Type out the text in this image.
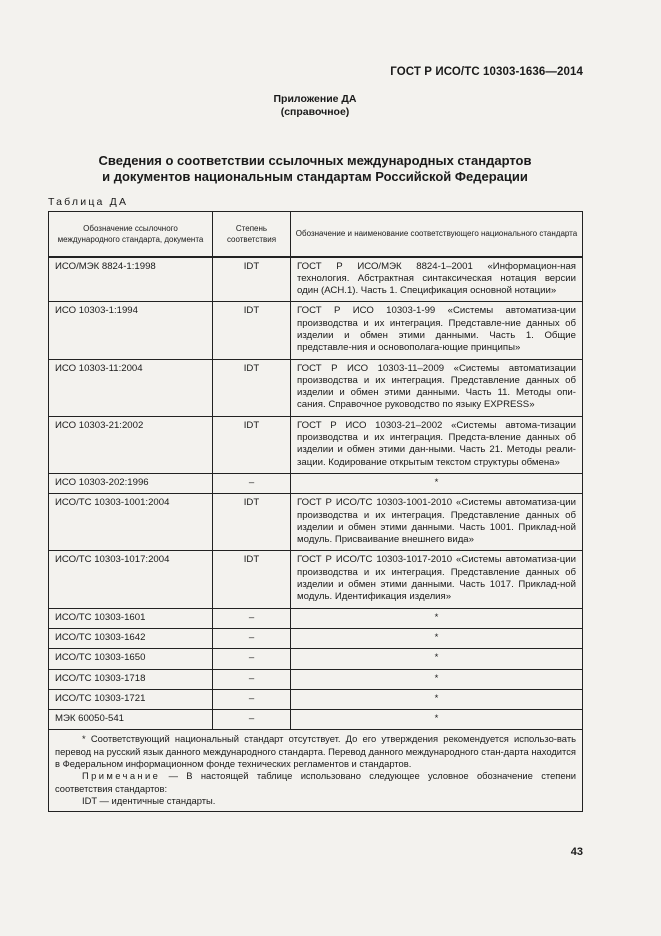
ГОСТ Р ИСО/ТС 10303-1636—2014
Приложение ДА
(справочное)
Сведения о соответствии ссылочных международных стандартов
и документов национальным стандартам Российской Федерации
Таблица ДА
Обозначение ссылочного международного стандарта, документа	Степень соответствия	Обозначение и наименование соответствующего национального стандарта
ИСО/МЭК 8824-1:1998	IDT	ГОСТ Р ИСО/МЭК 8824-1–2001 «Информацион-ная технология. Абстрактная синтаксическая нотация версии один (АСН.1). Часть 1. Спецификация основной нотации»
ИСО 10303-1:1994	IDT	ГОСТ Р ИСО 10303-1-99 «Системы автоматиза-ции производства и их интеграция. Представле-ние данных об изделии и обмен этими данными. Часть 1. Общие представле-ния и основополага-ющие принципы»
ИСО 10303-11:2004	IDT	ГОСТ Р ИСО 10303-11–2009 «Системы автоматизации производства и их интеграция. Представление данных об изделии и обмен этими данными. Часть 11. Методы опи-сания. Справочное руководство по языку EXPRESS»
ИСО 10303-21:2002	IDT	ГОСТ Р ИСО 10303-21–2002 «Системы автома-тизации производства и их интеграция. Предста-вление данных об изделии и обмен этими дан-ными. Часть 21. Методы реали-зации. Кодирование открытым текстом структуры обмена»
ИСО 10303-202:1996	–	*
ИСО/ТС 10303-1001:2004	IDT	ГОСТ Р ИСО/ТС 10303-1001-2010 «Системы автоматиза-ции производства и их интеграция. Представление данных об изделии и обмен этими данными. Часть 1001. Приклад-ной модуль. Присваивание внешнего вида»
ИСО/ТС 10303-1017:2004	IDT	ГОСТ Р ИСО/ТС 10303-1017-2010 «Системы автоматиза-ции производства и их интеграция. Представление данных об изделии и обмен этими данными. Часть 1017. Приклад-ной модуль. Идентификация изделия»
ИСО/ТС 10303-1601	–	*
ИСО/ТС 10303-1642	–	*
ИСО/ТС 10303-1650	–	*
ИСО/ТС 10303-1718	–	*
ИСО/ТС 10303-1721	–	*
МЭК 60050-541	–	*

* Соответствующий национальный стандарт отсутствует. До его утверждения рекомендуется использо-вать перевод на русский язык данного международного стандарта. Перевод данного международного стан-дарта находится в Федеральном информационном фонде технических регламентов и стандартов.
Примечание — В настоящей таблице использовано следующее условное обозначение степени соответствия стандартов:
IDT — идентичные стандарты.		
43
